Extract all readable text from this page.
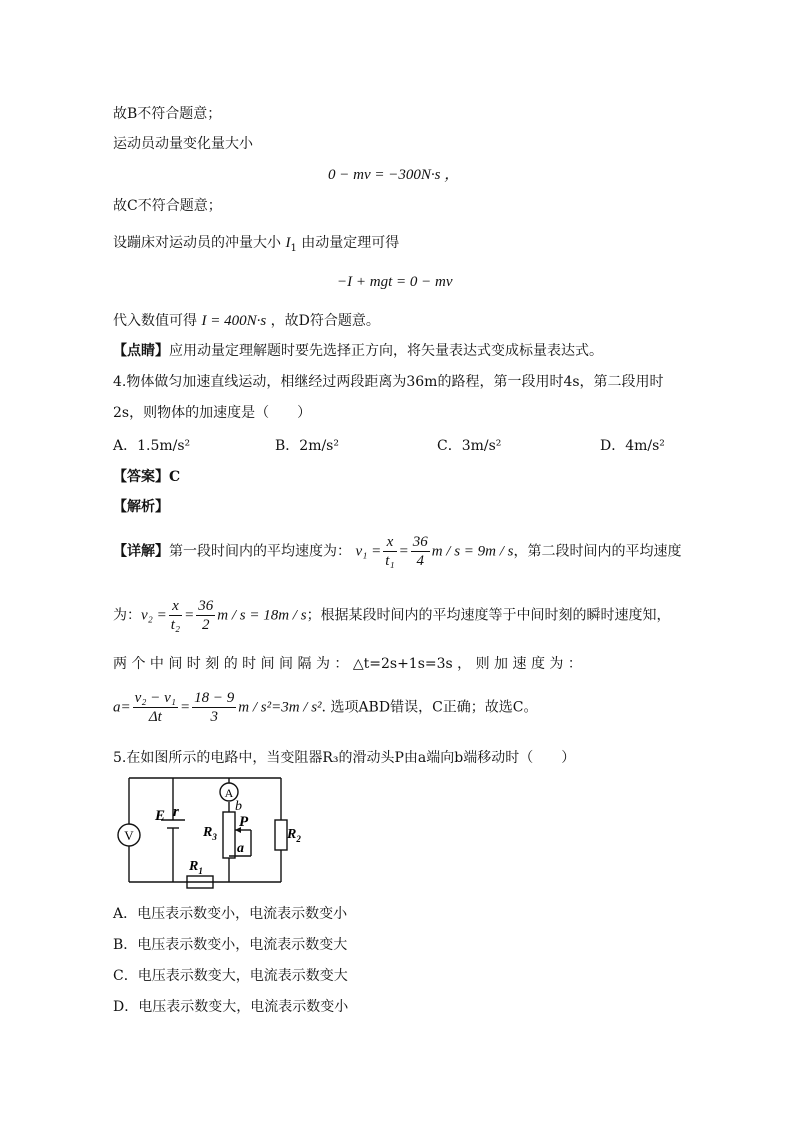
故B不符合题意；
运动员动量变化量大小
0 − mv = −300N·s ，
故C不符合题意；
设蹦床对运动员的冲量大小 $I_1$ 由动量定理可得
−I + mgt = 0 − mv
代入数值可得 I = 400N·s ，故D符合题意。
【点睛】应用动量定理解题时要先选择正方向，将矢量表达式变成标量表达式。
4.物体做匀加速直线运动，相继经过两段距离为36m的路程，第一段用时4s，第二段用时
2s，则物体的加速度是（　　）
A．1.5m/s²	B．2m/s²	C．3m/s²	D．4m/s²
【答案】C
【解析】
【详解】第一段时间内的平均速度为： $v_1 = \frac{x}{\text{t₁}} = \frac{36}{4}$ m / s = 9m / s，第二段时间内的平均速度
为：$v_2 = \frac{x}{\text{t₂}} = \frac{36}{2}$ m / s = 18m / s；根据某段时间内的平均速度等于中间时刻的瞬时速度知，
两 个 中 间 时 刻 的 时 间 间 隔 为 ： △t=2s+1s=3s ， 则 加 速 度 为 ：
$a= \frac{\text{v₂ − v₁}}{\Delta t} = \frac{18 - 9}{3}$ m / s²=3m / s². 选项ABD错误，C正确；故选C。
5.在如图所示的电路中，当变阻器R₃的滑动头P由a端向b端移动时（　　）
V
A
E r	b
$R_3$
P
a
$R_2$
$R_1$
A．电压表示数变小，电流表示数变小
B．电压表示数变小，电流表示数变大
C．电压表示数变大，电流表示数变大
D．电压表示数变大，电流表示数变小
